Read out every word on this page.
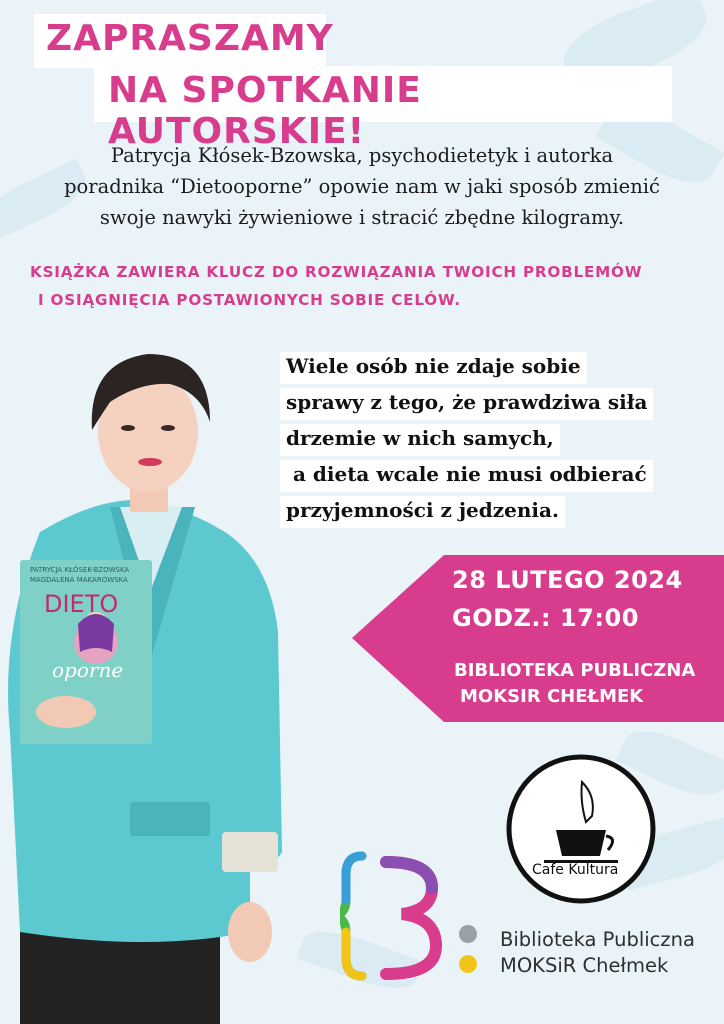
ZAPRASZAMY
NA SPOTKANIE AUTORSKIE!
Patrycja Kłósek-Bzowska, psychodietetyk i autorka
poradnika “Dietooporne” opowie nam w jaki sposób zmienić
swoje nawyki żywieniowe i stracić zbędne kilogramy.
KSIĄŻKA ZAWIERA KLUCZ DO ROZWIĄZANIA TWOICH PROBLEMÓW
I OSIĄGNIĘCIA POSTAWIONYCH SOBIE CELÓW.
Wiele osób nie zdaje sobie
sprawy z tego, że prawdziwa siła
drzemie w nich samych,
a dieta wcale nie musi odbierać
przyjemności z jedzenia.
28 LUTEGO 2024
GODZ.: 17:00
BIBLIOTEKA PUBLICZNA
MOKSIR CHEŁMEK
PATRYCJA KŁÓSEK-BZOWSKA
MAGDALENA MAKAROWSKA
DIETO
oporne
Cafe Kultura
Biblioteka Publiczna
MOKSiR Chełmek
